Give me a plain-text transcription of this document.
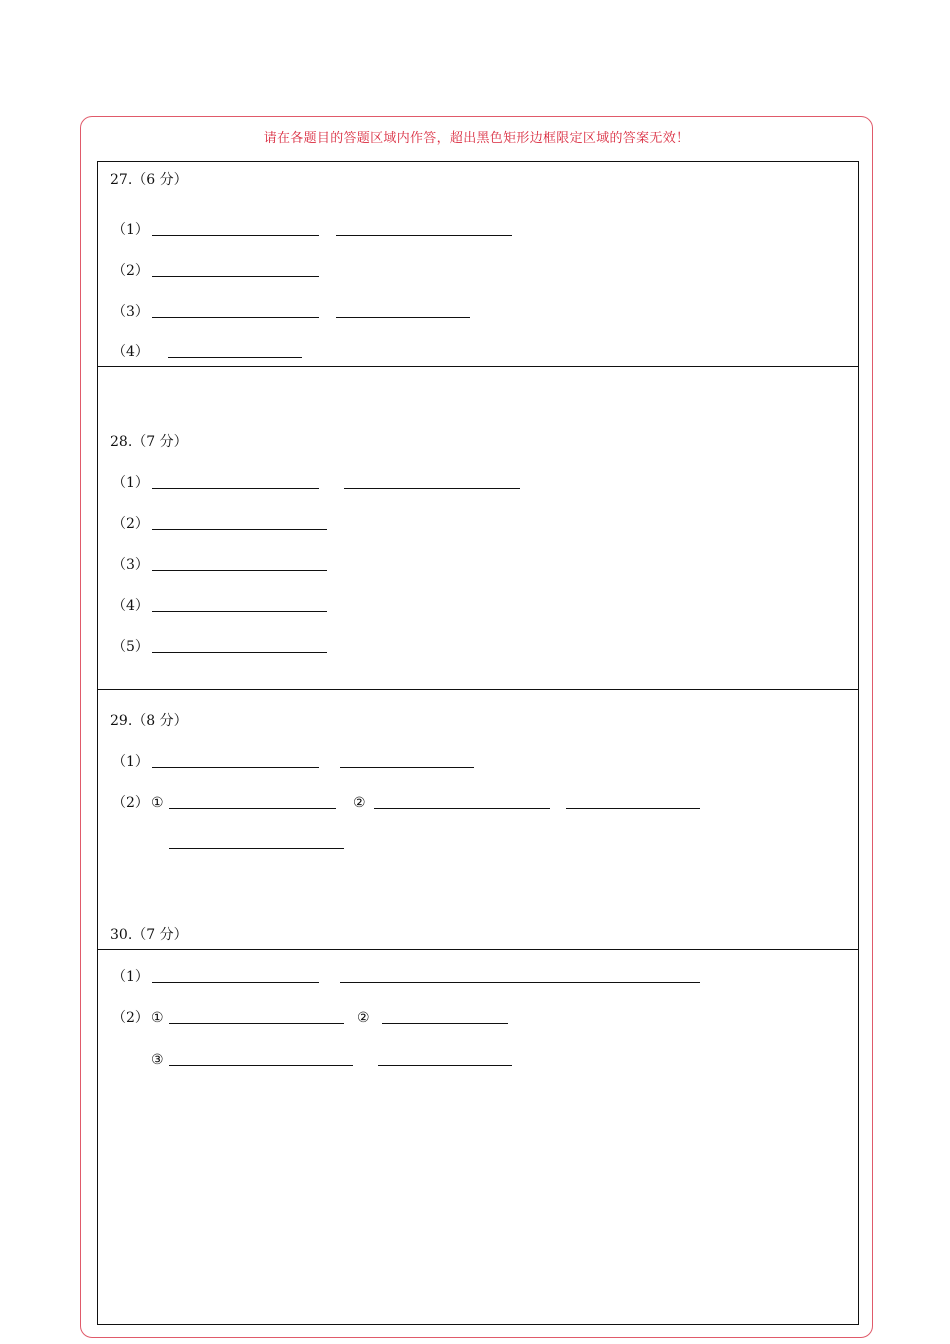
请在各题目的答题区域内作答，超出黑色矩形边框限定区域的答案无效！
27.（6 分）
（1）
（2）
（3）
（4）
28.（7 分）
（1）
（2）
（3）
（4）
（5）
29.（8 分）
（1）
（2） ①	②
30.（7 分）
（1）
（2） ①	②
③
